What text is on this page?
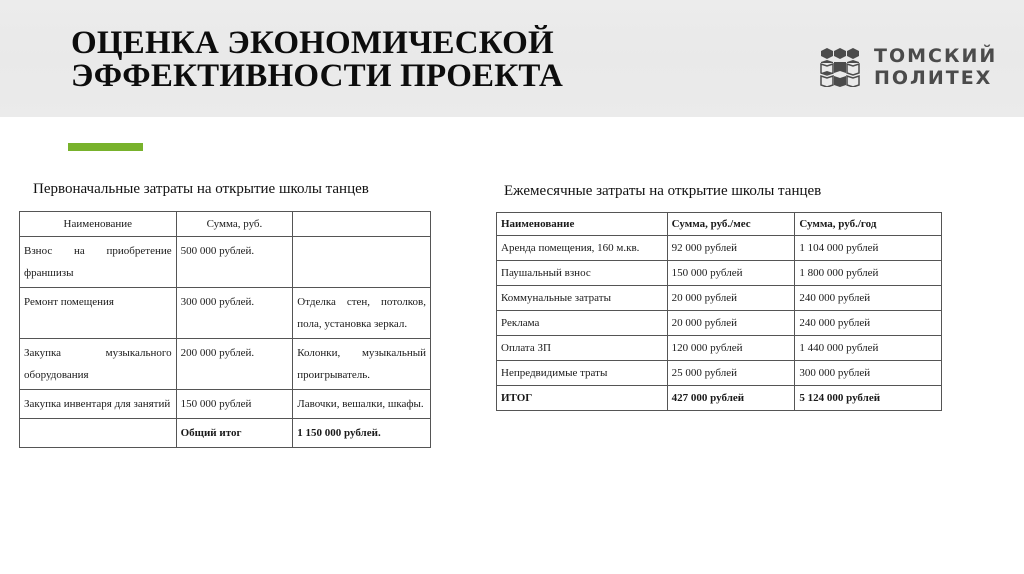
ОЦЕНКА ЭКОНОМИЧЕСКОЙ
ЭФФЕКТИВНОСТИ ПРОЕКТА
ТОМСКИЙ
ПОЛИТЕХ
Первоначальные затраты на открытие школы танцев	Ежемесячные затраты на открытие школы танцев
Наименование	Сумма, руб.	
Взнос на приобретение франшизы	500 000 рублей.	
Ремонт помещения	300 000 рублей.	Отделка стен, потолков, пола, установка зеркал.
Закупка музыкального оборудования	200 000 рублей.	Колонки, музыкальный проигрыватель.
Закупка инвентаря для занятий	150 000 рублей	Лавочки, вешалки, шкафы.
	Общий итог	1 150 000 рублей.
Наименование	Сумма, руб./мес	Сумма, руб./год
Аренда помещения, 160 м.кв.	92 000 рублей	1 104 000 рублей
Паушальный взнос	150 000 рублей	1 800 000 рублей
Коммунальные затраты	20 000 рублей	240 000 рублей
Реклама	20 000 рублей	240 000 рублей
Оплата ЗП	120 000 рублей	1 440 000 рублей
Непредвидимые траты	25 000 рублей	300 000 рублей
ИТОГ	427 000 рублей	5 124 000 рублей
